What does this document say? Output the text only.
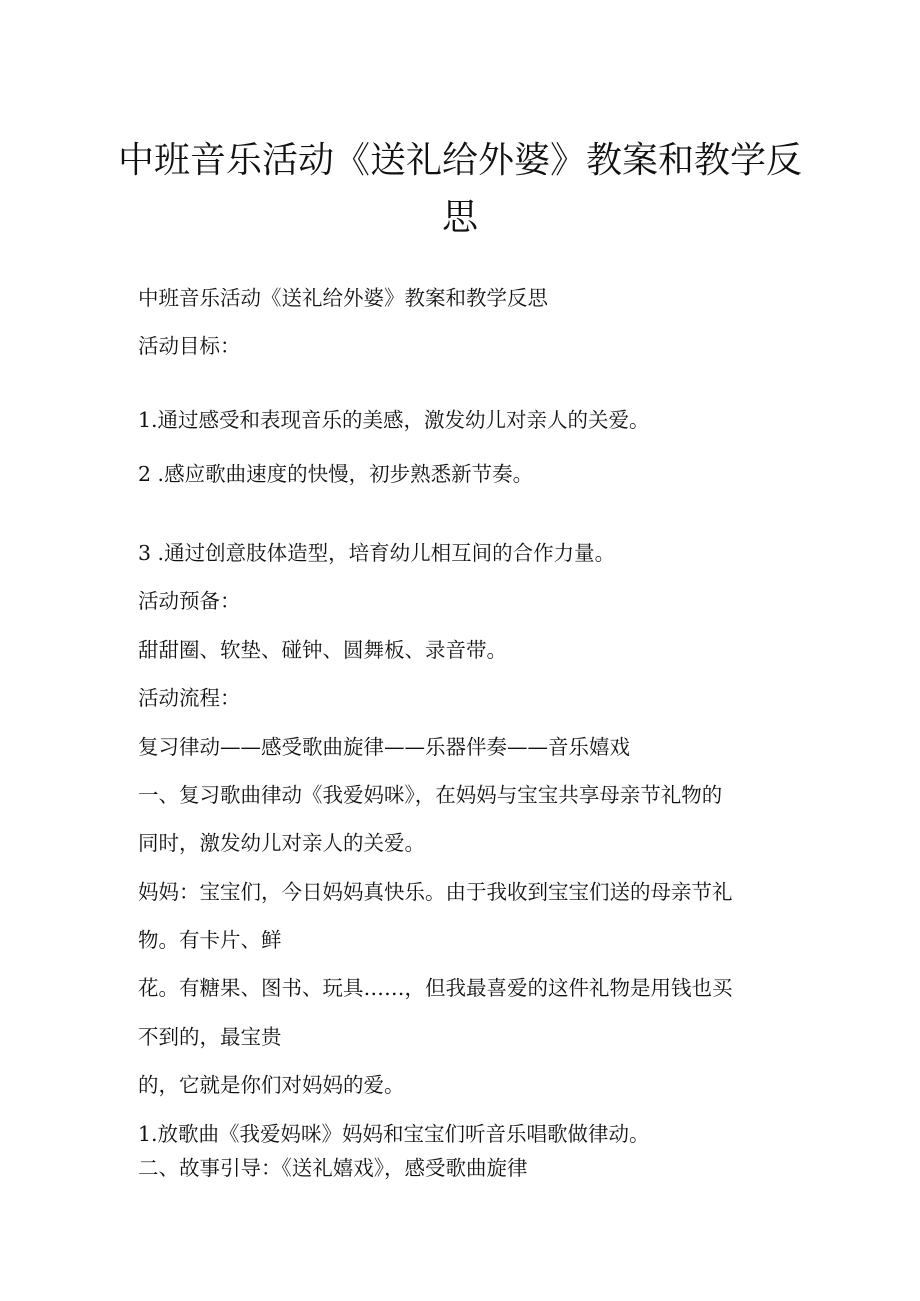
中班音乐活动《送礼给外婆》教案和教学反
思

中班音乐活动《送礼给外婆》教案和教学反思

活动目标：

1.通过感受和表现音乐的美感，激发幼儿对亲人的关爱。

2 .感应歌曲速度的快慢，初步熟悉新节奏。

3 .通过创意肢体造型，培育幼儿相互间的合作力量。

活动预备：

甜甜圈、软垫、碰钟、圆舞板、录音带。

活动流程：

复习律动——感受歌曲旋律——乐器伴奏——音乐嬉戏

一、复习歌曲律动《我爱妈咪》，在妈妈与宝宝共享母亲节礼物的

同时，激发幼儿对亲人的关爱。

妈妈：宝宝们，今日妈妈真快乐。由于我收到宝宝们送的母亲节礼

物。有卡片、鲜

花。有糖果、图书、玩具……，但我最喜爱的这件礼物是用钱也买

不到的，最宝贵

的，它就是你们对妈妈的爱。

1.放歌曲《我爱妈咪》妈妈和宝宝们听音乐唱歌做律动。

二、故事引导：《送礼嬉戏》，感受歌曲旋律
